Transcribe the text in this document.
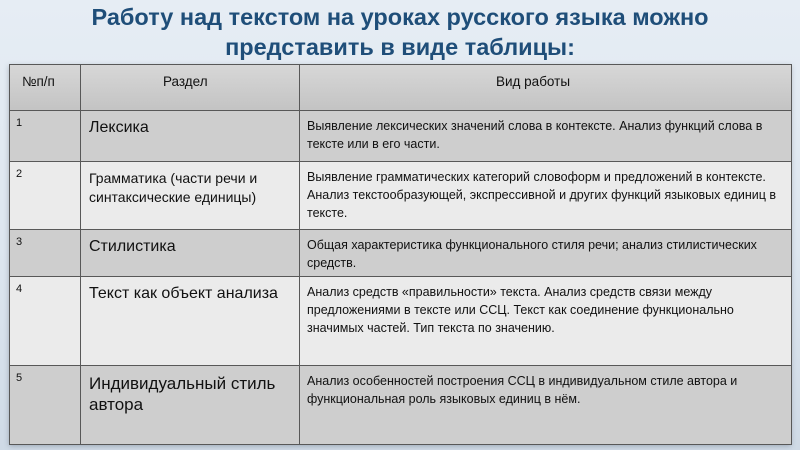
Работу над текстом на уроках русского языка можно
представить в виде таблицы:
№п/п	Раздел	Вид работы
1	Лексика	Выявление лексических значений слова в контексте. Анализ функций слова в тексте или в его части.
2	Грамматика (части речи и синтаксические единицы)	Выявление грамматических категорий словоформ и предложений в контексте. Анализ текстообразующей, экспрессивной и других функций языковых единиц в тексте.
3	Стилистика	Общая характеристика функционального стиля речи; анализ стилистических средств.
4	Текст как объект анализа	Анализ средств «правильности» текста. Анализ средств связи между предложениями в тексте или ССЦ. Текст как соединение функционально значимых частей. Тип текста по значению.
5	Индивидуальный стиль автора	Анализ особенностей построения ССЦ в индивидуальном стиле автора и функциональная роль языковых единиц в нём.
